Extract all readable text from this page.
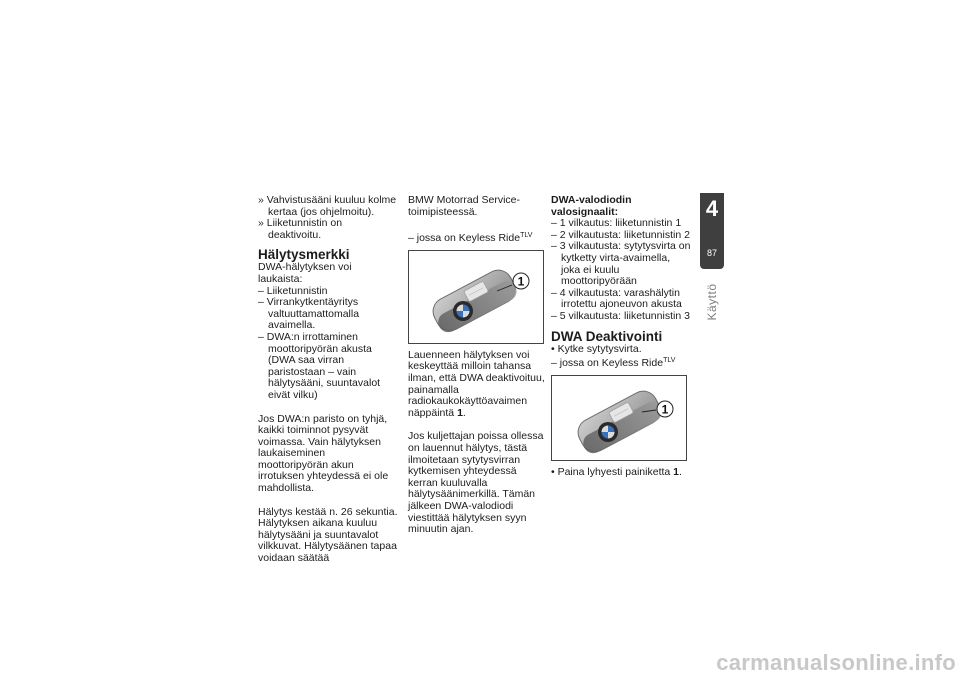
» Vahvistusääni kuuluu kolme kertaa (jos ohjelmoitu).

» Liiketunnistin on deaktivoitu.

Hälytysmerkki

DWA-hälytyksen voi laukaista:

– Liiketunnistin

– Virrankytkentäyritys valtuuttamattomalla avaimella.

– DWA:n irrottaminen moottoripyörän akusta (DWA saa virran paristostaan – vain hälytysääni, suuntavalot eivät vilku)

Jos DWA:n paristo on tyhjä, kaikki toiminnot pysyvät voimassa. Vain hälytyksen laukaiseminen moottoripyörän akun irrotuksen yhteydessä ei ole mahdollista.

Hälytys kestää n. 26 sekuntia. Hälytyksen aikana kuuluu hälytysääni ja suuntavalot vilkkuvat. Hälytysäänen tapaa voidaan säätää

BMW Motorrad Service-toimipisteessä.

– jossa on Keyless Ride$^{TLV}$

1

Lauenneen hälytyksen voi keskeyttää milloin tahansa ilman, että DWA deaktivoituu, painamalla radiokaukokäyttöavaimen näppäintä 1.

Jos kuljettajan poissa ollessa on lauennut hälytys, tästä ilmoitetaan sytytysvirran kytkemisen yhteydessä kerran kuuluvalla hälytysäänimerkillä. Tämän jälkeen DWA-valodiodi viestittää hälytyksen syyn minuutin ajan.

DWA-valodiodin valosignaalit:

– 1 vilkautus: liiketunnistin 1

– 2 vilkautusta: liiketunnistin 2

– 3 vilkautusta: sytytysvirta on kytketty virta-avaimella, joka ei kuulu moottoripyörään

– 4 vilkautusta: varashälytin irrotettu ajoneuvon akusta

– 5 vilkautusta: liiketunnistin 3

DWA Deaktivointi

• Kytke sytytysvirta.

– jossa on Keyless Ride$^{TLV}$

1

• Paina lyhyesti painiketta 1.

4
87
Käyttö
carmanualsonline.info
